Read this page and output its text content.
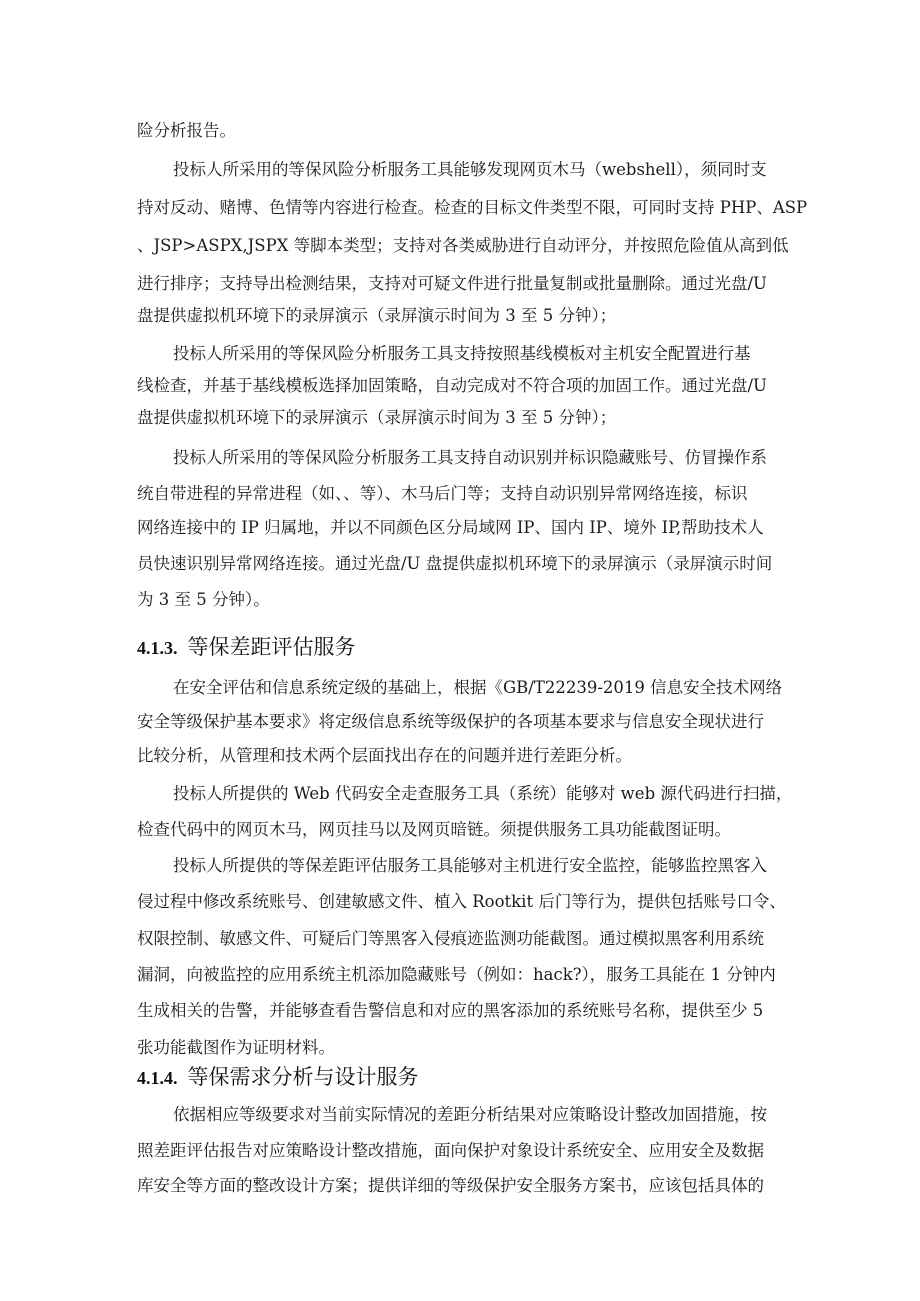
险分析报告。
投标人所采用的等保风险分析服务工具能够发现网页木马（webshell），须同时支
持对反动、赌博、色情等内容进行检查。检查的目标文件类型不限，可同时支持 PHP、ASP
、JSP>ASPX,JSPX 等脚本类型；支持对各类威胁进行自动评分，并按照危险值从高到低
进行排序；支持导出检测结果，支持对可疑文件进行批量复制或批量删除。通过光盘/U
盘提供虚拟机环境下的录屏演示（录屏演示时间为 3 至 5 分钟）；
投标人所采用的等保风险分析服务工具支持按照基线模板对主机安全配置进行基
线检查，并基于基线模板选择加固策略，自动完成对不符合项的加固工作。通过光盘/U
盘提供虚拟机环境下的录屏演示（录屏演示时间为 3 至 5 分钟）；
投标人所采用的等保风险分析服务工具支持自动识别并标识隐藏账号、仿冒操作系
统自带进程的异常进程（如、、等）、木马后门等；支持自动识别异常网络连接，标识
网络连接中的 IP 归属地，并以不同颜色区分局域网 IP、国内 IP、境外 IP,帮助技术人
员快速识别异常网络连接。通过光盘/U 盘提供虚拟机环境下的录屏演示（录屏演示时间
为 3 至 5 分钟）。
4.1.3. 等保差距评估服务
在安全评估和信息系统定级的基础上，根据《GB/T22239-2019 信息安全技术网络
安全等级保护基本要求》将定级信息系统等级保护的各项基本要求与信息安全现状进行
比较分析，从管理和技术两个层面找出存在的问题并进行差距分析。
投标人所提供的 Web 代码安全走查服务工具（系统）能够对 web 源代码进行扫描，
检查代码中的网页木马，网页挂马以及网页暗链。须提供服务工具功能截图证明。
投标人所提供的等保差距评估服务工具能够对主机进行安全监控，能够监控黑客入
侵过程中修改系统账号、创建敏感文件、植入 Rootkit 后门等行为，提供包括账号口令、
权限控制、敏感文件、可疑后门等黑客入侵痕迹监测功能截图。通过模拟黑客利用系统
漏洞，向被监控的应用系统主机添加隐藏账号（例如：hack?），服务工具能在 1 分钟内
生成相关的告警，并能够查看告警信息和对应的黑客添加的系统账号名称，提供至少 5
张功能截图作为证明材料。
4.1.4. 等保需求分析与设计服务
依据相应等级要求对当前实际情况的差距分析结果对应策略设计整改加固措施，按
照差距评估报告对应策略设计整改措施，面向保护对象设计系统安全、应用安全及数据
库安全等方面的整改设计方案；提供详细的等级保护安全服务方案书，应该包括具体的
